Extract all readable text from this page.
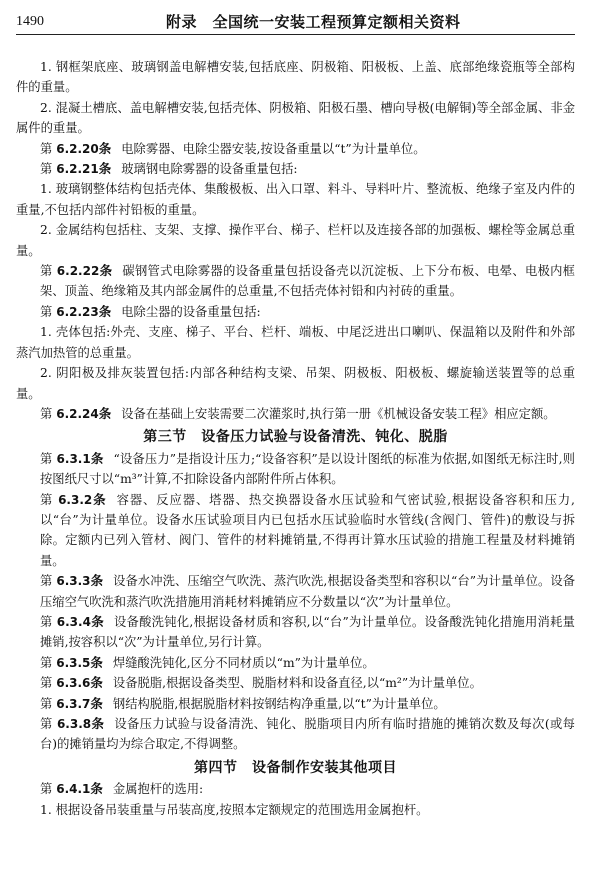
1490	附录　全国统一安装工程预算定额相关资料

1. 钢框架底座、玻璃钢盖电解槽安装,包括底座、阴极箱、阳极板、上盖、底部绝缘瓷瓶等全部构件的重量。

2. 混凝土槽底、盖电解槽安装,包括壳体、阴极箱、阳极石墨、槽向导极(电解铜)等全部金属、非金属件的重量。

第 6.2.20条 电除雾器、电除尘器安装,按设备重量以“t”为计量单位。

第 6.2.21条 玻璃钢电除雾器的设备重量包括:

1. 玻璃钢整体结构包括壳体、集酸极板、出入口罩、料斗、导料叶片、整流板、绝缘子室及内件的重量,不包括内部件衬铅板的重量。

2. 金属结构包括柱、支架、支撑、操作平台、梯子、栏杆以及连接各部的加强板、螺栓等金属总重量。

第 6.2.22条 碳钢管式电除雾器的设备重量包括设备壳以沉淀板、上下分布板、电晕、电极内框架、顶盖、绝缘箱及其内部金属件的总重量,不包括壳体衬铅和内衬砖的重量。

第 6.2.23条 电除尘器的设备重量包括:

1. 壳体包括:外壳、支座、梯子、平台、栏杆、端板、中尾泛进出口喇叭、保温箱以及附件和外部蒸汽加热管的总重量。

2. 阴阳极及排灰装置包括:内部各种结构支梁、吊架、阴极板、阳极板、螺旋输送装置等的总重量。

第 6.2.24条 设备在基础上安装需要二次灌浆时,执行第一册《机械设备安装工程》相应定额。

第三节　设备压力试验与设备清洗、钝化、脱脂

第 6.3.1条 “设备压力”是指设计压力;“设备容积”是以设计图纸的标准为依据,如图纸无标注时,则按图纸尺寸以“m³”计算,不扣除设备内部附件所占体积。

第 6.3.2条 容器、反应器、塔器、热交换器设备水压试验和气密试验,根据设备容积和压力,以“台”为计量单位。设备水压试验项目内已包括水压试验临时水管线(含阀门、管件)的敷设与拆除。定额内已列入管材、阀门、管件的材料摊销量,不得再计算水压试验的措施工程量及材料摊销量。

第 6.3.3条 设备水冲洗、压缩空气吹洗、蒸汽吹洗,根据设备类型和容积以“台”为计量单位。设备压缩空气吹洗和蒸汽吹洗措施用消耗材料摊销应不分数量以“次”为计量单位。

第 6.3.4条 设备酸洗钝化,根据设备材质和容积,以“台”为计量单位。设备酸洗钝化措施用消耗量摊销,按容积以“次”为计量单位,另行计算。

第 6.3.5条 焊缝酸洗钝化,区分不同材质以“m”为计量单位。

第 6.3.6条 设备脱脂,根据设备类型、脱脂材料和设备直径,以“m²”为计量单位。

第 6.3.7条 钢结构脱脂,根据脱脂材料按钢结构净重量,以“t”为计量单位。

第 6.3.8条 设备压力试验与设备清洗、钝化、脱脂项目内所有临时措施的摊销次数及每次(或每台)的摊销量均为综合取定,不得调整。

第四节　设备制作安装其他项目

第 6.4.1条 金属抱杆的选用:

1. 根据设备吊装重量与吊装高度,按照本定额规定的范围选用金属抱杆。
